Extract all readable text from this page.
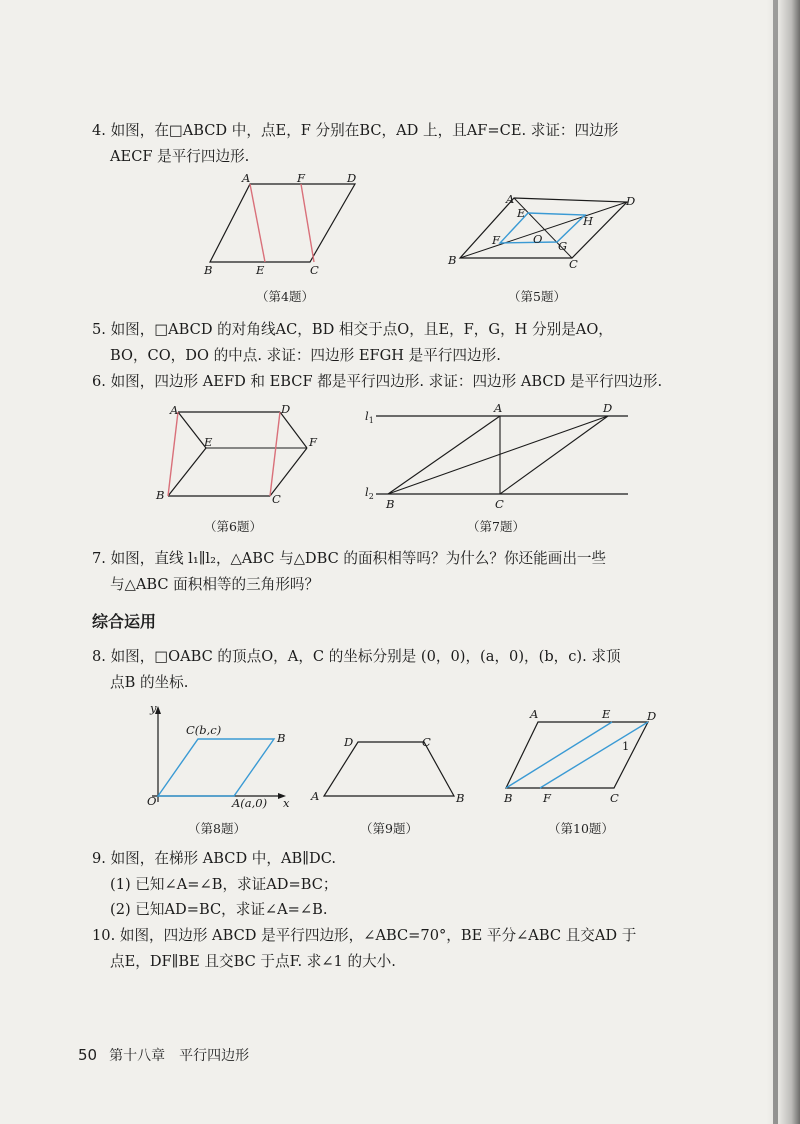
4. 如图，在□ABCD 中，点E，F 分别在BC，AD 上，且AF=CE. 求证：四边形
AECF 是平行四边形.
A	F	D
B	E	C
（第4题）
A	D
E
H
F	O G
B	C
（第5题）
5. 如图，□ABCD 的对角线AC，BD 相交于点O，且E，F，G，H 分别是AO，
BO，CO，DO 的中点. 求证：四边形 EFGH 是平行四边形.
6. 如图，四边形 AEFD 和 EBCF 都是平行四边形. 求证：四边形 ABCD 是平行四边形.
A	D
E	F
B	C
（第6题）
$l_1$
$l_2$
A	D
B	C
（第7题）
7. 如图，直线 l₁∥l₂，△ABC 与△DBC 的面积相等吗？为什么？你还能画出一些
与△ABC 面积相等的三角形吗？
综合运用
8. 如图，□OABC 的顶点O，A，C 的坐标分别是 (0，0)，(a，0)，(b，c). 求顶
点B 的坐标.
y
x
O
C(b,c)
B
A(a,0)
（第8题）
D	C
A	B
（第9题）
A	E	D
1
B	F	C
（第10题）
9. 如图，在梯形 ABCD 中，AB∥DC.
(1) 已知∠A=∠B，求证AD=BC；
(2) 已知AD=BC，求证∠A=∠B.
10. 如图，四边形 ABCD 是平行四边形，∠ABC=70°，BE 平分∠ABC 且交AD 于
点E，DF∥BE 且交BC 于点F. 求∠1 的大小.
50 第十八章 平行四边形
